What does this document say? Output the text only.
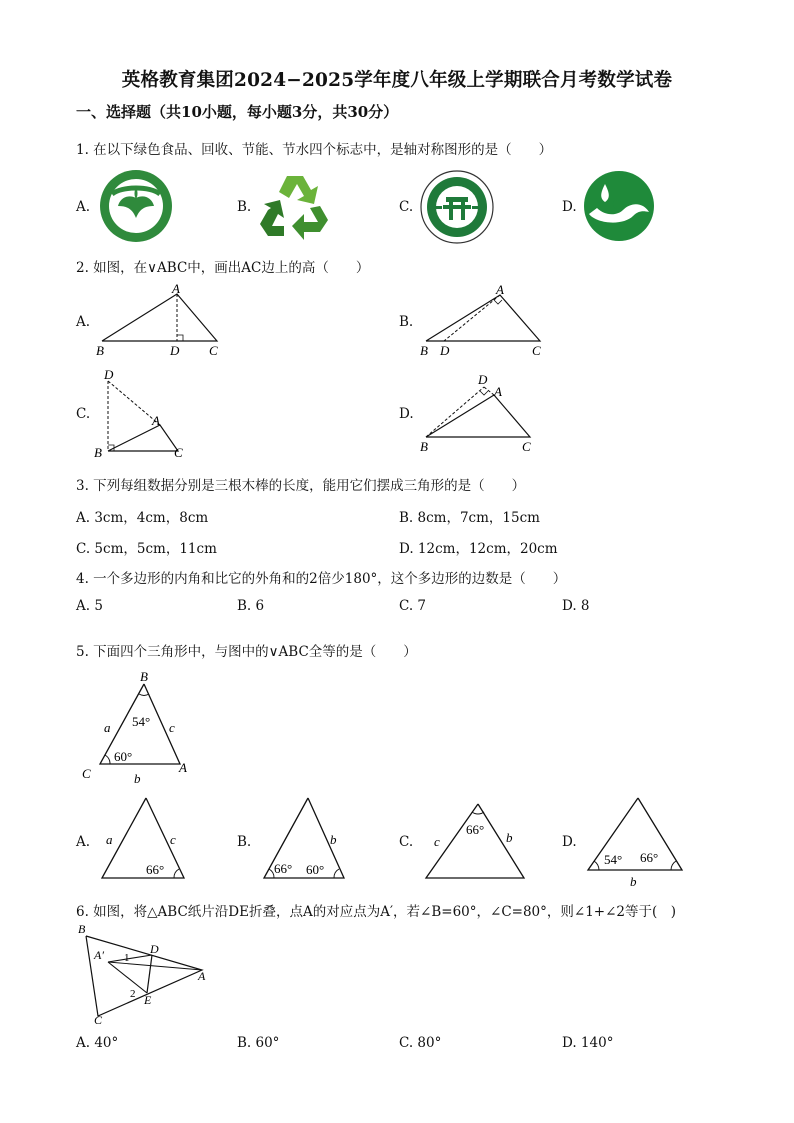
英格教育集团2024−2025学年度八年级上学期联合月考数学试卷
一、选择题（共10小题，每小题3分，共30分）
1. 在以下绿色食品、回收、节能、节水四个标志中，是轴对称图形的是（　　）
A.	B.	C.	D.
2. 如图，在∨ABC中，画出AC边上的高（　　）
A.	B.
C.	D.
A
B	D C
A
B D	C
D
A
B	C
D
A
B	C
3. 下列每组数据分别是三根木棒的长度，能用它们摆成三角形的是（　　）
A. 3cm，4cm，8cm	B. 8cm，7cm，15cm
C. 5cm，5cm，11cm	D. 12cm，12cm，20cm
4. 一个多边形的内角和比它的外角和的2倍少180°，这个多边形的边数是（　　）
A. 5	B. 6	C. 7	D. 8
5. 下面四个三角形中，与图中的∨ABC全等的是（　　）
B
C	A
a	c
b
54°
60°
A.	B.	C.	D.
a	c
66°
b
66° 60°
66°
c	b
54° 66°
b
6. 如图，将△ABC纸片沿DE折叠，点A的对应点为A′，若∠B=60°，∠C=80°，则∠1+∠2等于(　)
B
D
A′ 1
A
2 E
C
A. 40°	B. 60°	C. 80°	D. 140°
